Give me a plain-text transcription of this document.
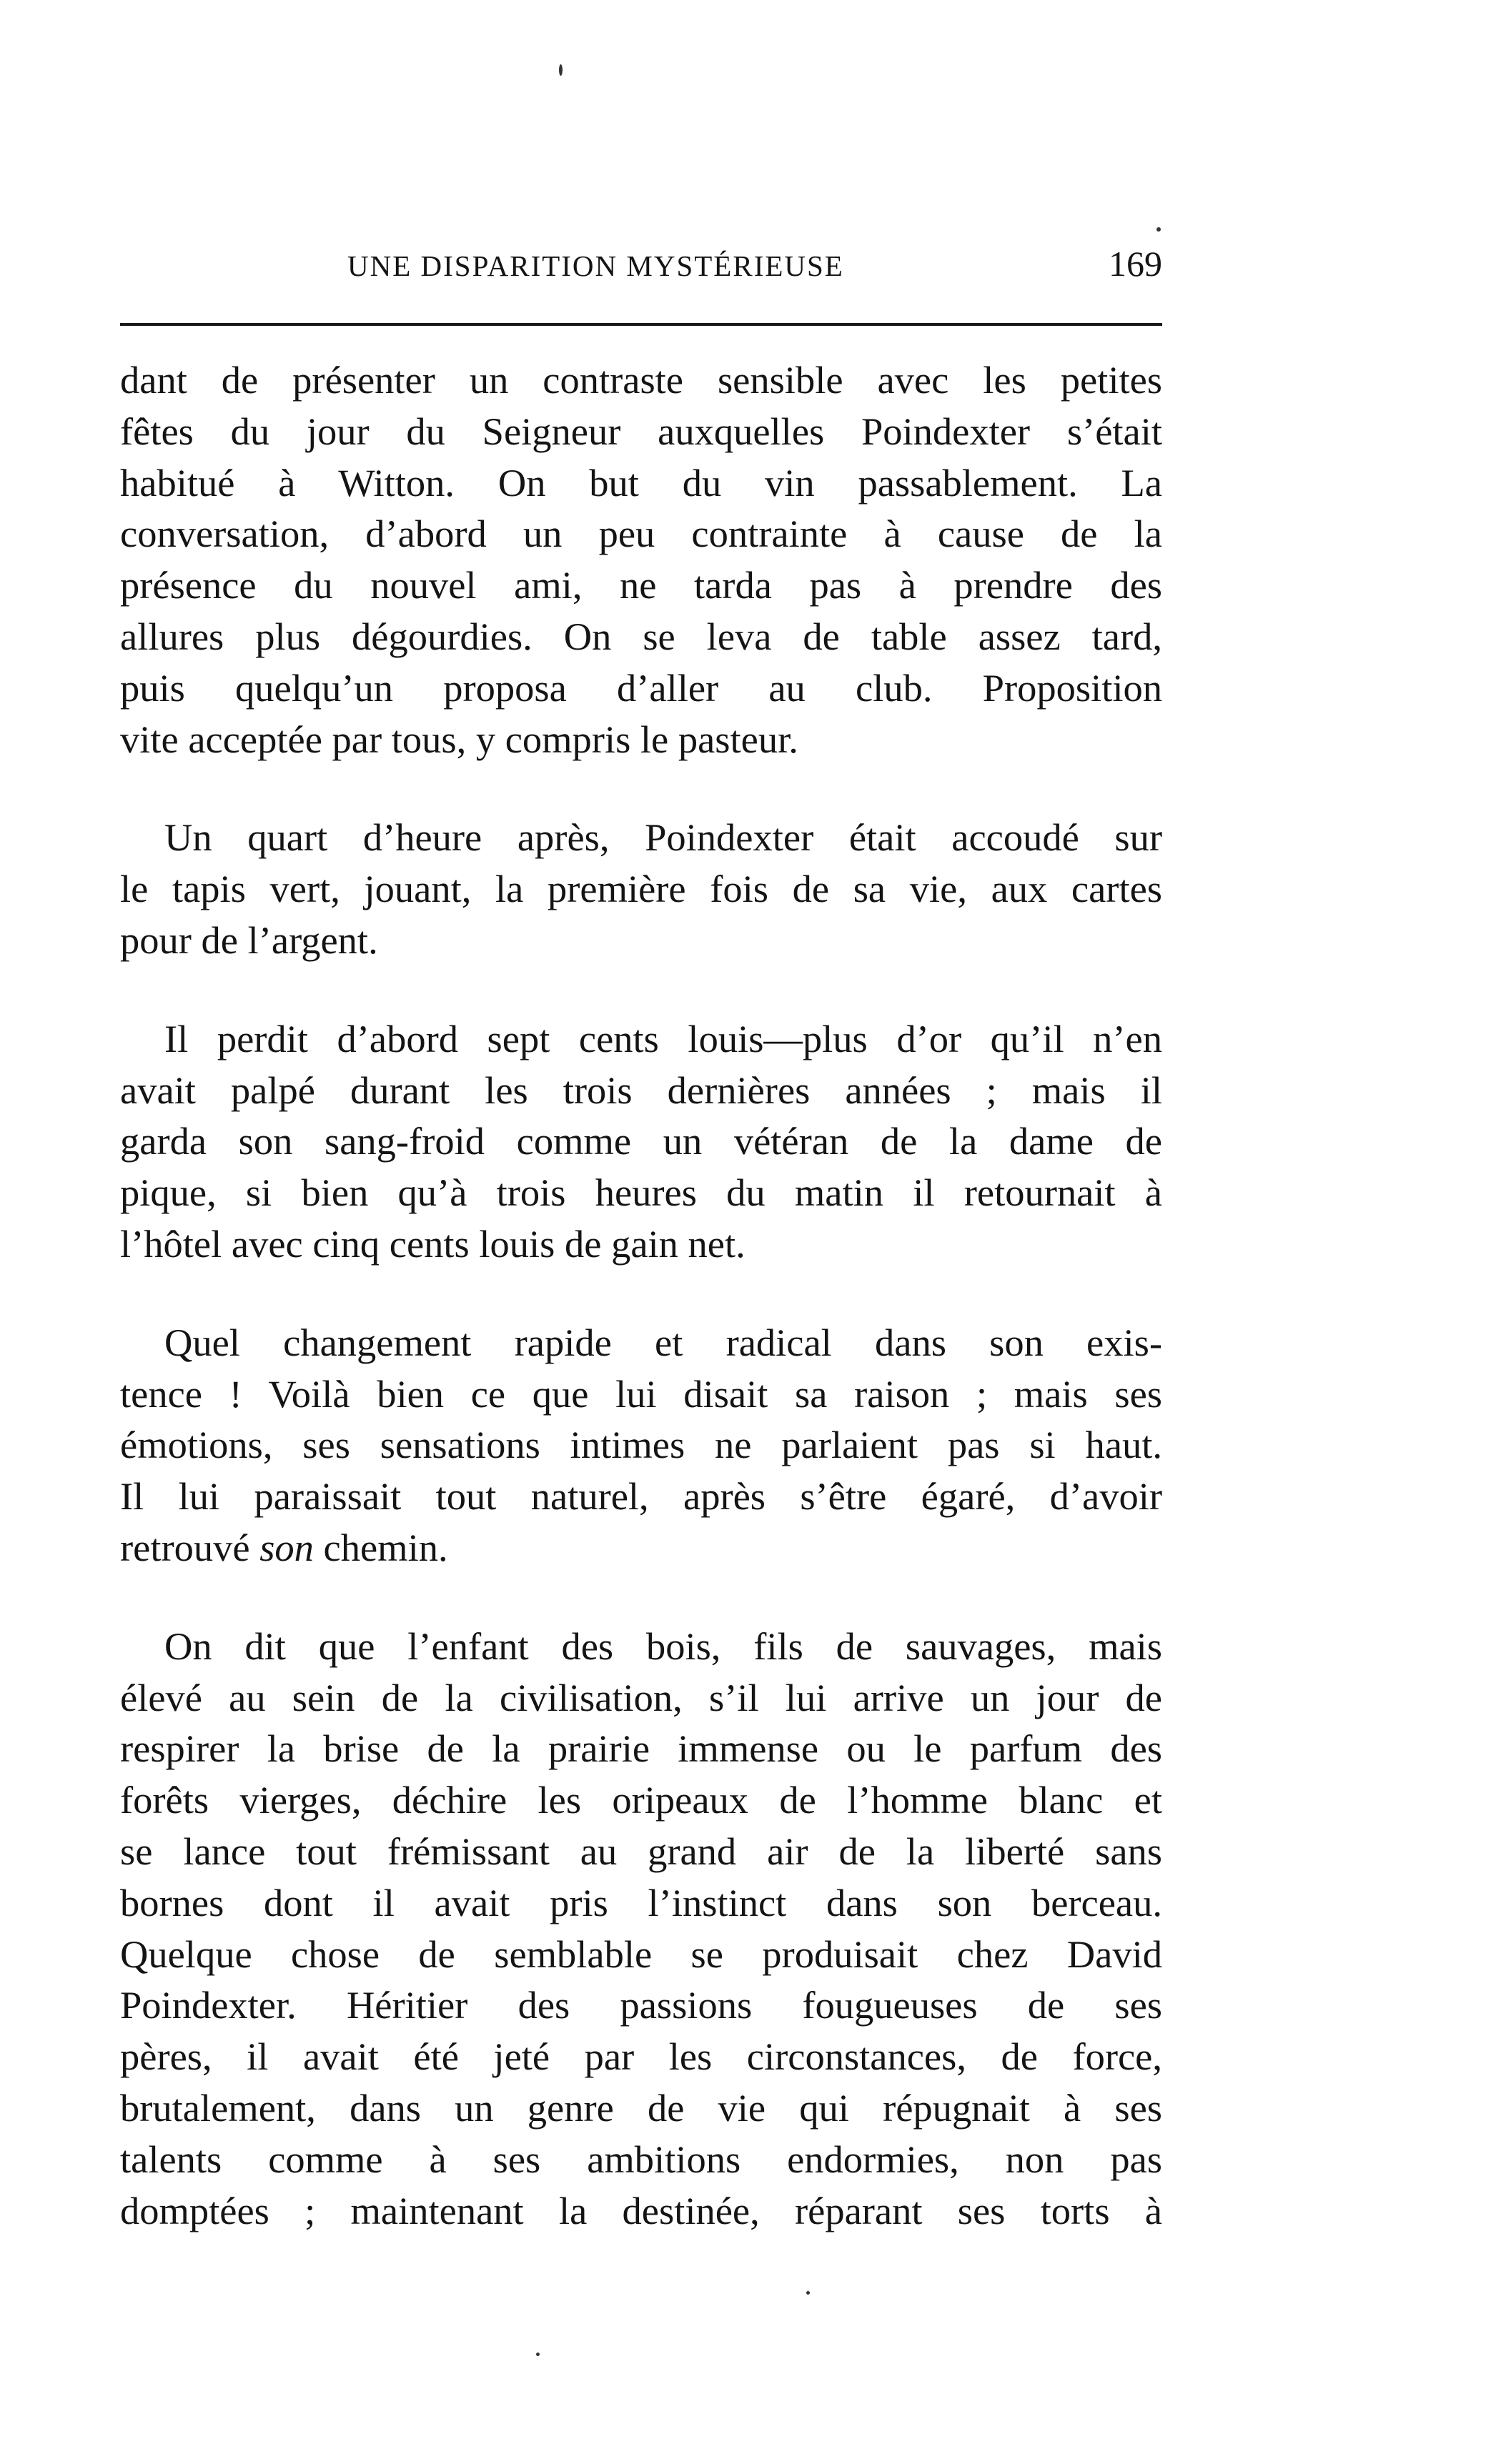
UNE DISPARITION MYSTÉRIEUSE	169

dant de présenter un contraste sensible avec les petites
fêtes du jour du Seigneur auxquelles Poindexter s’était
habitué à Witton. On but du vin passablement. La
conversation, d’abord un peu contrainte à cause de la
présence du nouvel ami, ne tarda pas à prendre des
allures plus dégourdies. On se leva de table assez tard,
puis quelqu’un proposa d’aller au club. Proposition
vite acceptée par tous, y compris le pasteur.

Un quart d’heure après, Poindexter était accoudé sur
le tapis vert, jouant, la première fois de sa vie, aux cartes
pour de l’argent.

Il perdit d’abord sept cents louis—plus d’or qu’il n’en
avait palpé durant les trois dernières années ; mais il
garda son sang-froid comme un vétéran de la dame de
pique, si bien qu’à trois heures du matin il retournait à
l’hôtel avec cinq cents louis de gain net.

Quel changement rapide et radical dans son exis-
tence ! Voilà bien ce que lui disait sa raison ; mais ses
émotions, ses sensations intimes ne parlaient pas si haut.
Il lui paraissait tout naturel, après s’être égaré, d’avoir
retrouvé son chemin.

On dit que l’enfant des bois, fils de sauvages, mais
élevé au sein de la civilisation, s’il lui arrive un jour de
respirer la brise de la prairie immense ou le parfum des
forêts vierges, déchire les oripeaux de l’homme blanc et
se lance tout frémissant au grand air de la liberté sans
bornes dont il avait pris l’instinct dans son berceau.
Quelque chose de semblable se produisait chez David
Poindexter. Héritier des passions fougueuses de ses
pères, il avait été jeté par les circonstances, de force,
brutalement, dans un genre de vie qui répugnait à ses
talents comme à ses ambitions endormies, non pas
domptées ; maintenant la destinée, réparant ses torts à
